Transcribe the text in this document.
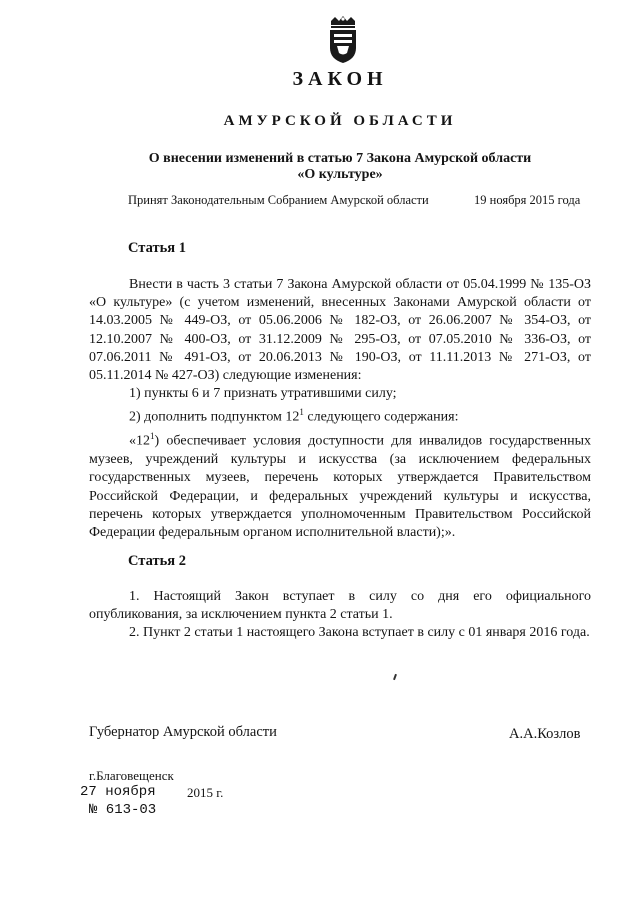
ЗАКОН
АМУРСКОЙ ОБЛАСТИ
О внесении изменений в статью 7 Закона Амурской области
«О культуре»
Принят Законодательным Собранием Амурской области	19 ноября 2015 года
Статья 1

Внести в часть 3 статьи 7 Закона Амурской области от 05.04.1999 № 135-ОЗ «О культуре» (с учетом изменений, внесенных Законами Амурской области от 14.03.2005 № 449-ОЗ, от 05.06.2006 № 182-ОЗ, от 26.06.2007 № 354-ОЗ, от 12.10.2007 № 400-ОЗ, от 31.12.2009 № 295-ОЗ, от 07.05.2010 № 336-ОЗ, от 07.06.2011 № 491-ОЗ, от 20.06.2013 № 190-ОЗ, от 11.11.2013 № 271-ОЗ, от 05.11.2014 № 427-ОЗ) следующие изменения:

1) пункты 6 и 7 признать утратившими силу;

2) дополнить подпунктом $12^1$ следующего содержания:

«$12^1$) обеспечивает условия доступности для инвалидов государственных музеев, учреждений культуры и искусства (за исключением федеральных государственных музеев, перечень которых утверждается Правительством Российской Федерации, и федеральных учреждений культуры и искусства, перечень которых утверждается уполномоченным Правительством Российской Федерации федеральным органом исполнительной власти);».

Статья 2

1. Настоящий Закон вступает в силу со дня его официального опубликования, за исключением пункта 2 статьи 1.

2. Пункт 2 статьи 1 настоящего Закона вступает в силу с 01 января 2016 года.

Губернатор Амурской области	А.А.Козлов
г.Благовещенск
27 ноября 2015 г.
№ 613-03
